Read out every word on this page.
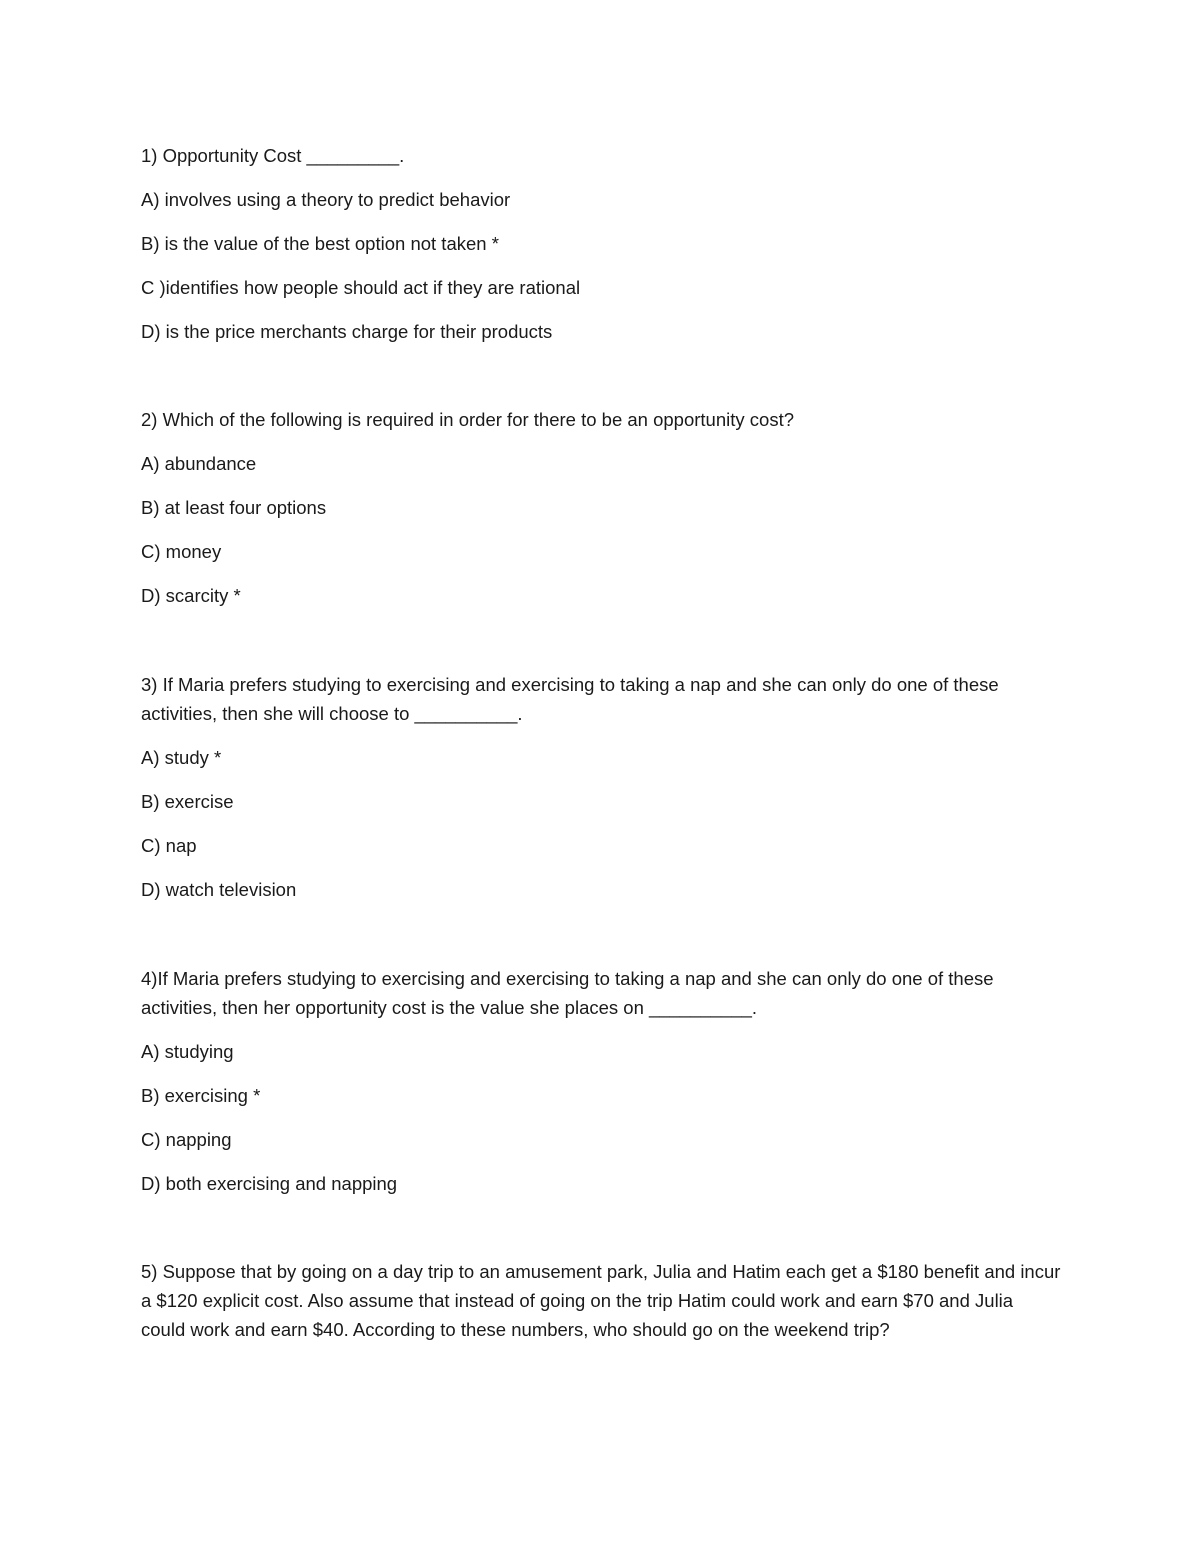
1) Opportunity Cost _________.

A) involves using a theory to predict behavior

B) is the value of the best option not taken *

C )identifies how people should act if they are rational

D) is the price merchants charge for their products

2) Which of the following is required in order for there to be an opportunity cost?

A) abundance

B) at least four options

C) money

D) scarcity *

3) If Maria prefers studying to exercising and exercising to taking a nap and she can only do one of these activities, then she will choose to __________.

A) study *

B) exercise

C) nap

D) watch television

4)If Maria prefers studying to exercising and exercising to taking a nap and she can only do one of these activities, then her opportunity cost is the value she places on __________.

A) studying

B) exercising *

C) napping

D) both exercising and napping

5) Suppose that by going on a day trip to an amusement park, Julia and Hatim each get a $180 benefit and incur a $120 explicit cost. Also assume that instead of going on the trip Hatim could work and earn $70 and Julia could work and earn $40. According to these numbers, who should go on the weekend trip?
